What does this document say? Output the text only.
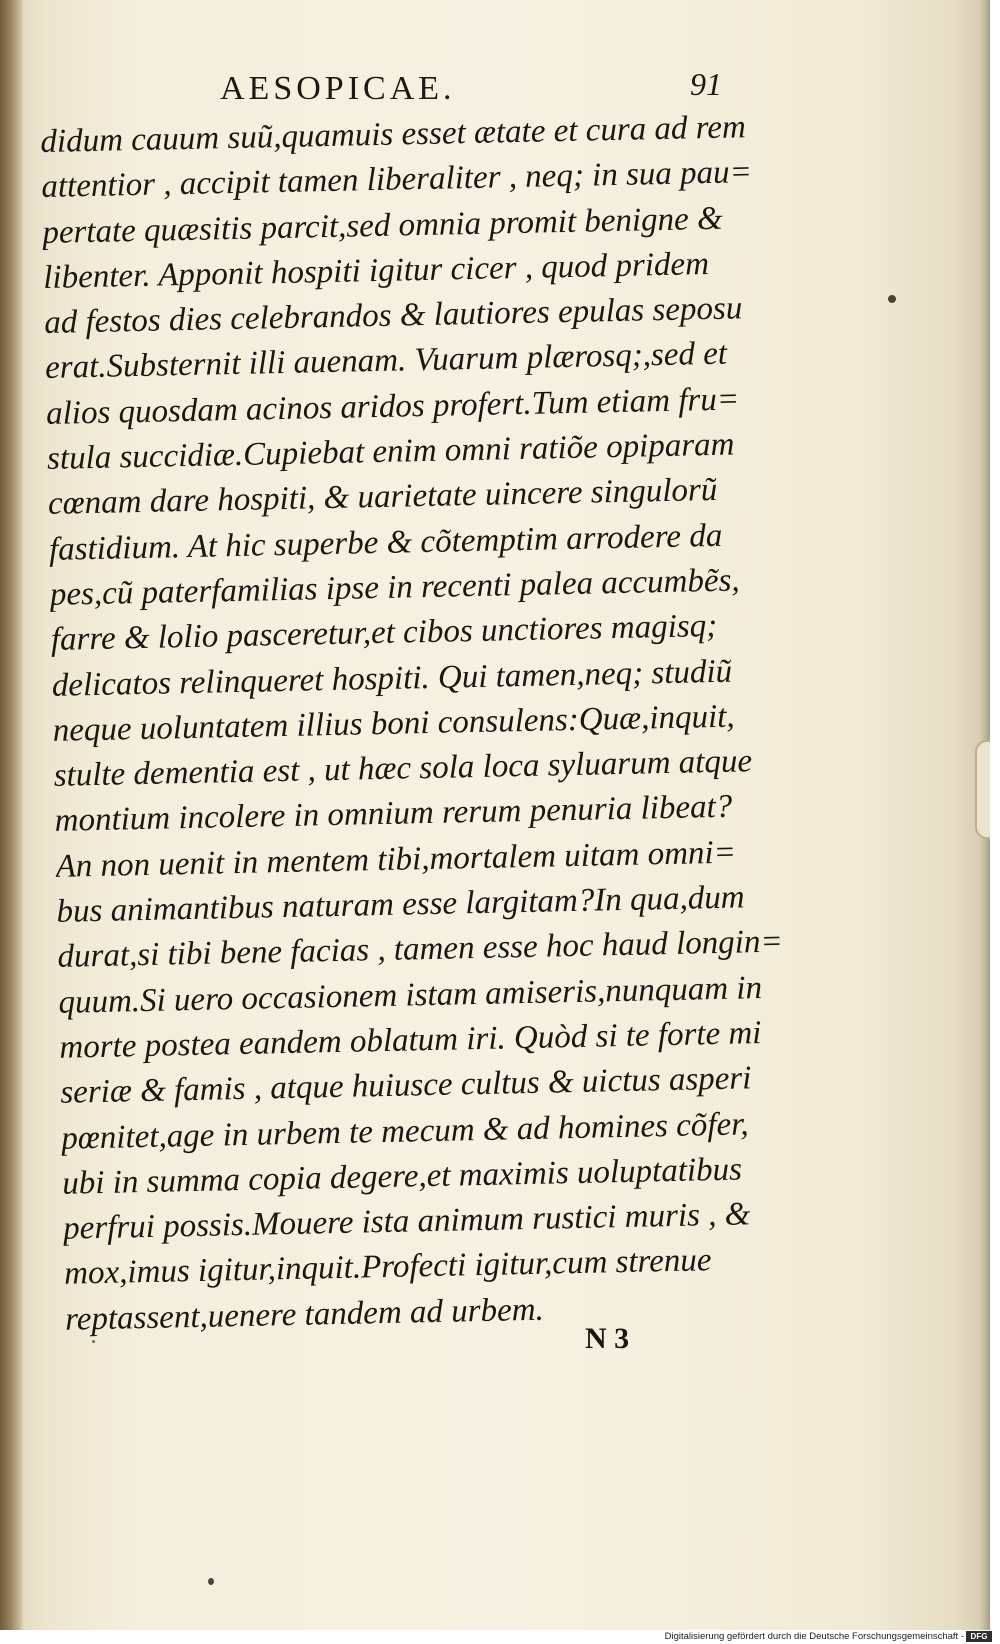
AESOPICAE.	91
didum cauum suũ,quamuis esset ætate et cura ad rem
attentior , accipit tamen liberaliter , neq; in sua pau=
pertate quæsitis parcit,sed omnia promit benigne &
libenter. Apponit hospiti igitur cicer , quod pridem
ad festos dies celebrandos & lautiores epulas seposu
erat.Substernit illi auenam. Vuarum plærosq;,sed et
alios quosdam acinos aridos profert.Tum etiam fru=
stula succidiæ.Cupiebat enim omni ratiõe opiparam
cœnam dare hospiti, & uarietate uincere singulorũ
fastidium. At hic superbe & cõtemptim arrodere da
pes,cũ paterfamilias ipse in recenti palea accumbẽs,
farre & lolio pasceretur,et cibos unctiores magisq;
delicatos relinqueret hospiti. Qui tamen,neq; studiũ
neque uoluntatem illius boni consulens:Quæ,inquit,
stulte dementia est , ut hæc sola loca syluarum atque
montium incolere in omnium rerum penuria libeat?
An non uenit in mentem tibi,mortalem uitam omni=
bus animantibus naturam esse largitam?In qua,dum
durat,si tibi bene facias , tamen esse hoc haud longin=
quum.Si uero occasionem istam amiseris,nunquam in
morte postea eandem oblatum iri. Quòd si te forte mi
seriæ & famis , atque huiusce cultus & uictus asperi
pœnitet,age in urbem te mecum & ad homines cõfer,
ubi in summa copia degere,et maximis uoluptatibus
perfrui possis.Mouere ista animum rustici muris , &
mox,imus igitur,inquit.Profecti igitur,cum strenue
reptassent,uenere tandem ad urbem.
N 3
Digitalisierung gefördert durch die Deutsche Forschungsgemeinschaft - DFG
